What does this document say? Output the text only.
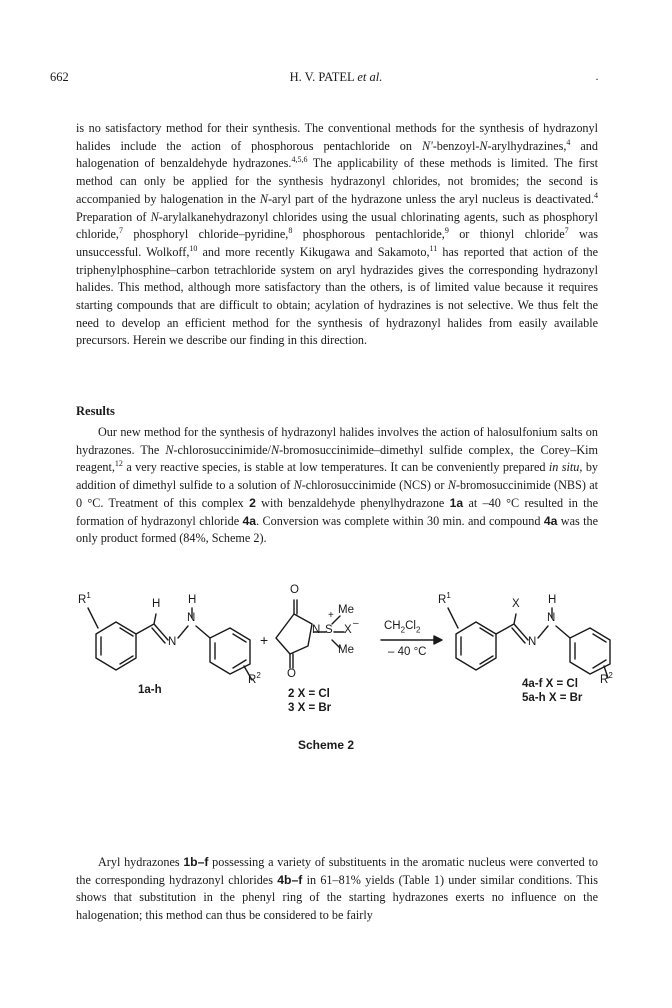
662	H. V. PATEL et al.	·

is no satisfactory method for their synthesis. The conventional methods for the synthesis of hydrazonyl halides include the action of phosphorous pentachloride on N'-benzoyl-N-arylhydrazines,$^4$ and halogenation of benzaldehyde hydrazones.$^{4,5,6}$ The applicability of these methods is limited. The first method can only be applied for the synthesis hydrazonyl chlorides, not bromides; the second is accompanied by halogenation in the N-aryl part of the hydrazone unless the aryl nucleus is deactivated.$^4$ Preparation of N-arylalkanehydrazonyl chlorides using the usual chlorinating agents, such as phosphoryl chloride,$^7$ phosphoryl chloride–pyridine,$^8$ phosphorous pentachloride,$^9$ or thionyl chloride$^7$ was unsuccessful. Wolkoff,$^{10}$ and more recently Kikugawa and Sakamoto,$^{11}$ has reported that action of the triphenylphosphine–carbon tetrachloride system on aryl hydrazides gives the corresponding hydrazonyl halides. This method, although more satisfactory than the others, is of limited value because it requires starting compounds that are difficult to obtain; acylation of hydrazines is not selective. We thus felt the need to develop an efficient method for the synthesis of hydrazonyl halides from easily available precursors. Herein we describe our finding in this direction.

Results

Our new method for the synthesis of hydrazonyl halides involves the action of halosulfonium salts on hydrazones. The N-chlorosuccinimide/N-bromosuccinimide–dimethyl sulfide complex, the Corey–Kim reagent,$^{12}$ a very reactive species, is stable at low temperatures. It can be conveniently prepared in situ, by addition of dimethyl sulfide to a solution of N-chlorosuccinimide (NCS) or N-bromosuccinimide (NBS) at 0 °C. Treatment of this complex 2 with benzaldehyde phenylhydrazone 1a at –40 °C resulted in the formation of hydrazonyl chloride 4a. Conversion was complete within 30 min. and compound 4a was the only product formed (84%, Scheme 2).

$R^1$
H H
N
N
$R^2$
1a-h
+
O
O
N S
+ Me
Me
X
–
2 X = Cl
3 X = Br
$CH_2Cl_2$
– 40 °C
$R^1$
X H
N
N
$R^2$
4a-f X = Cl
5a-h X = Br
Scheme 2

Aryl hydrazones 1b–f possessing a variety of substituents in the aromatic nucleus were converted to the corresponding hydrazonyl chlorides 4b–f in 61–81% yields (Table 1) under similar conditions. This shows that substitution in the phenyl ring of the starting hydrazones exerts no influence on the halogenation; this method can thus be considered to be fairly
